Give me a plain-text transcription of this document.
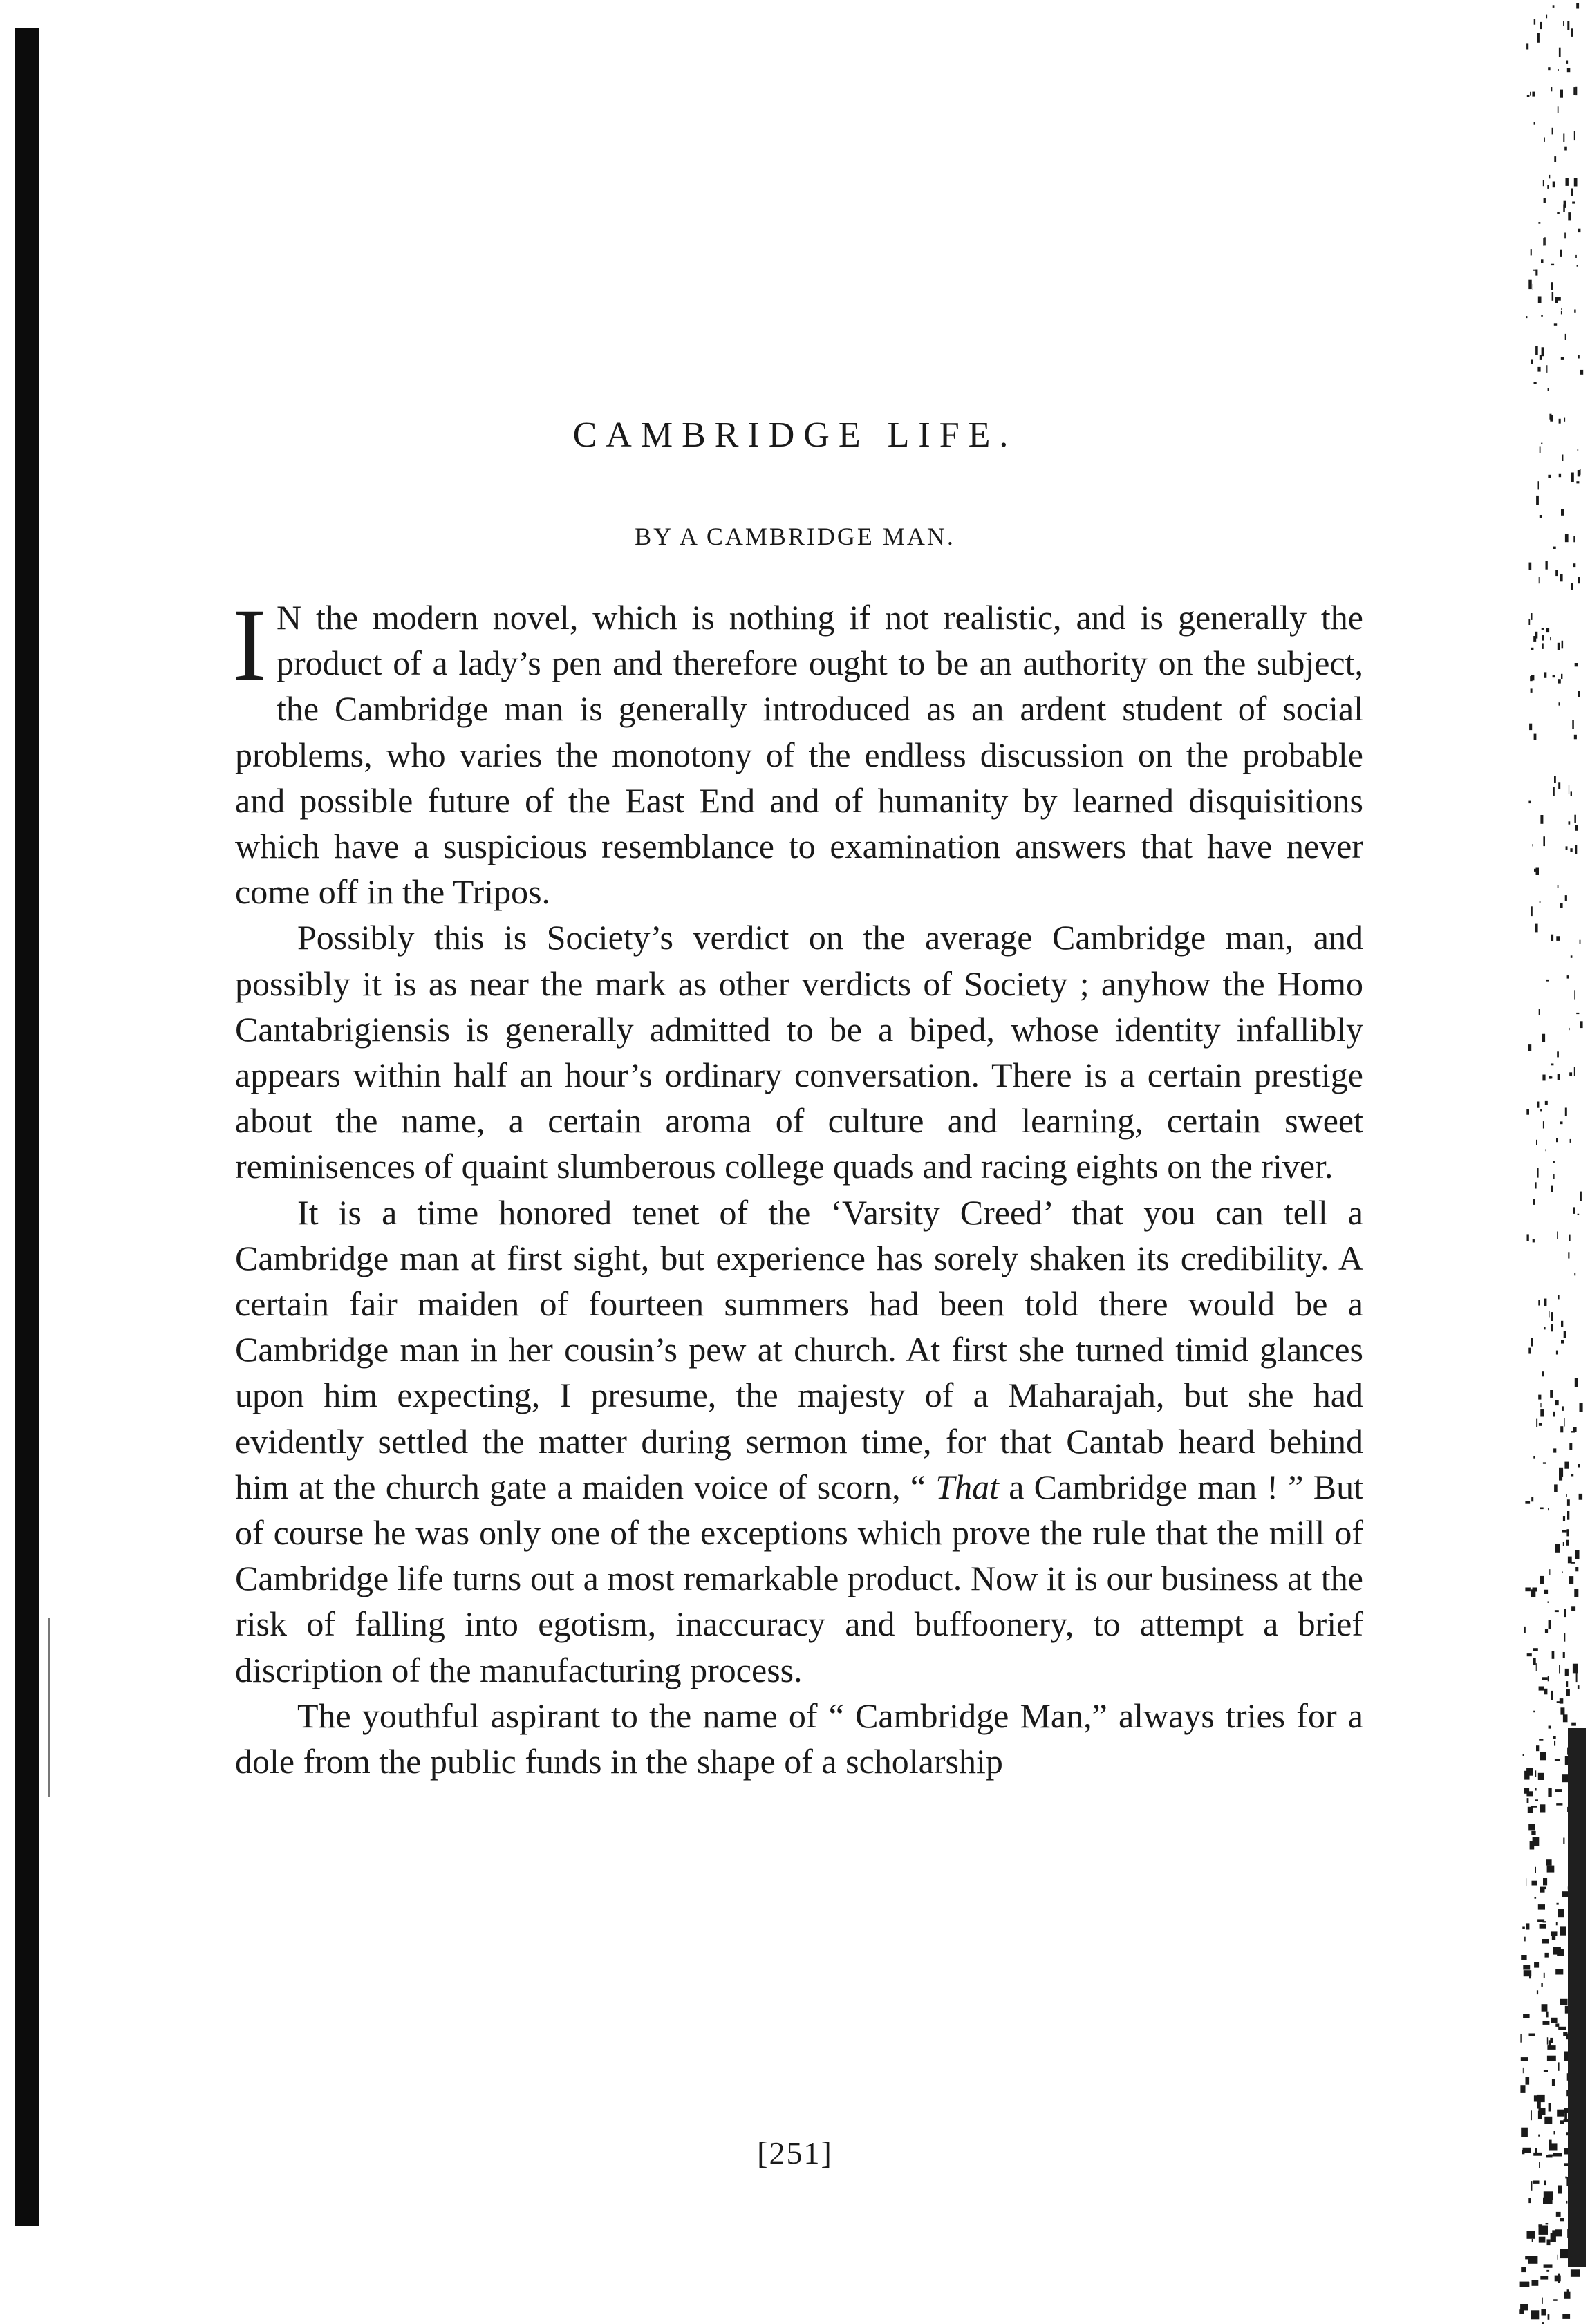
CAMBRIDGE LIFE.
BY A CAMBRIDGE MAN.

I N the modern novel, which is nothing if not realistic, and is generally the product of a lady’s pen and therefore ought to be an authority on the subject, the Cambridge man is generally introduced as an ardent student of social problems, who varies the monotony of the endless discussion on the probable and possible future of the East End and of humanity by learned disquisitions which have a suspicious resemblance to examination answers that have never come off in the Tripos.

Possibly this is Society’s verdict on the average Cambridge man, and possibly it is as near the mark as other verdicts of Society ; anyhow the Homo Cantabrigiensis is generally admitted to be a biped, whose identity infallibly appears within half an hour’s ordinary conversation. There is a certain prestige about the name, a certain aroma of culture and learning, certain sweet reminisences of quaint slumberous college quads and racing eights on the river.

It is a time honored tenet of the ‘Varsity Creed’ that you can tell a Cambridge man at first sight, but experience has sorely shaken its credibility. A certain fair maiden of fourteen summers had been told there would be a Cambridge man in her cousin’s pew at church. At first she turned timid glances upon him expecting, I presume, the majesty of a Maharajah, but she had evidently settled the matter during sermon time, for that Cantab heard behind him at the church gate a maiden voice of scorn, “ That a Cambridge man ! ” But of course he was only one of the exceptions which prove the rule that the mill of Cambridge life turns out a most remarkable product. Now it is our business at the risk of falling into egotism, inaccuracy and buffoonery, to attempt a brief discription of the manufacturing process.

The youthful aspirant to the name of “ Cambridge Man,” always tries for a dole from the public funds in the shape of a scholarship

[251]
